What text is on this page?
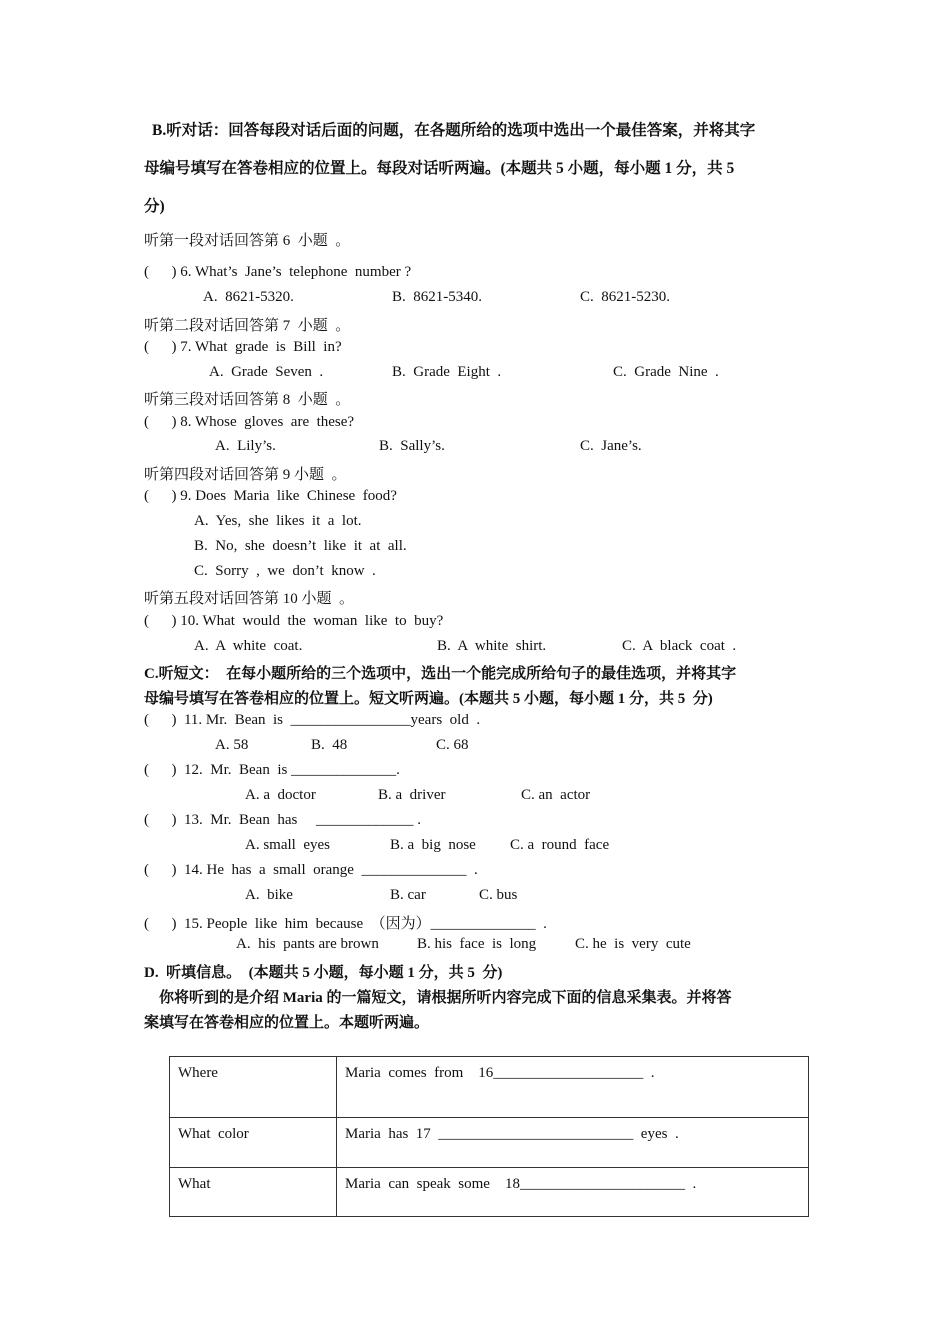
B.听对话：回答每段对话后面的问题，在各题所给的选项中选出一个最佳答案，并将其字
母编号填写在答卷相应的位置上。每段对话听两遍。(本题共 5 小题，每小题 1 分，共 5
分)
听第一段对话回答第 6  小题  。
(      ) 6. What’s  Jane’s  telephone  number ?
A.  8621-5320.	B.  8621-5340.	C.  8621-5230.
听第二段对话回答第 7  小题  。
(      ) 7. What  grade  is  Bill  in?
A.  Grade  Seven  .	B.  Grade  Eight  .	C.  Grade  Nine  .
听第三段对话回答第 8  小题  。
(      ) 8. Whose  gloves  are  these?
A.  Lily’s.	B.  Sally’s.	C.  Jane’s.
听第四段对话回答第 9 小题  。
(      ) 9. Does  Maria  like  Chinese  food?
A.  Yes,  she  likes  it  a  lot.
B.  No,  she  doesn’t  like  it  at  all.
C.  Sorry  ,  we  don’t  know  .
听第五段对话回答第 10 小题  。
(      ) 10. What  would  the  woman  like  to  buy?
A.  A  white  coat.	B.  A  white  shirt.	C.  A  black  coat  .
C.听短文：  在每小题所给的三个选项中，选出一个能完成所给句子的最佳选项，并将其字
母编号填写在答卷相应的位置上。短文听两遍。(本题共 5 小题，每小题 1 分，共 5  分)
(      )  11. Mr.  Bean  is  ________________years  old  .
A. 58	B.  48	C. 68
(      )  12.  Mr.  Bean  is ______________.
A. a  doctor	B. a  driver	C. an  actor
(      )  13.  Mr.  Bean  has     _____________ .
A. small  eyes	B. a  big  nose C. a  round  face
(      )  14. He  has  a  small  orange  ______________  .
A.  bike	B. car	C. bus
(      )  15. People  like  him  because  （因为）______________  .
A.  his  pants are brown	B. his  face  is  long	C. he  is  very  cute
D.  听填信息。  (本题共 5 小题，每小题 1 分，共 5  分)
你将听到的是介绍 Maria 的一篇短文，请根据所听内容完成下面的信息采集表。并将答
案填写在答卷相应的位置上。本题听两遍。
Where	Maria  comes  from    16____________________  .
What  color	Maria  has  17  __________________________  eyes  .
What	Maria  can  speak  some    18______________________  .
